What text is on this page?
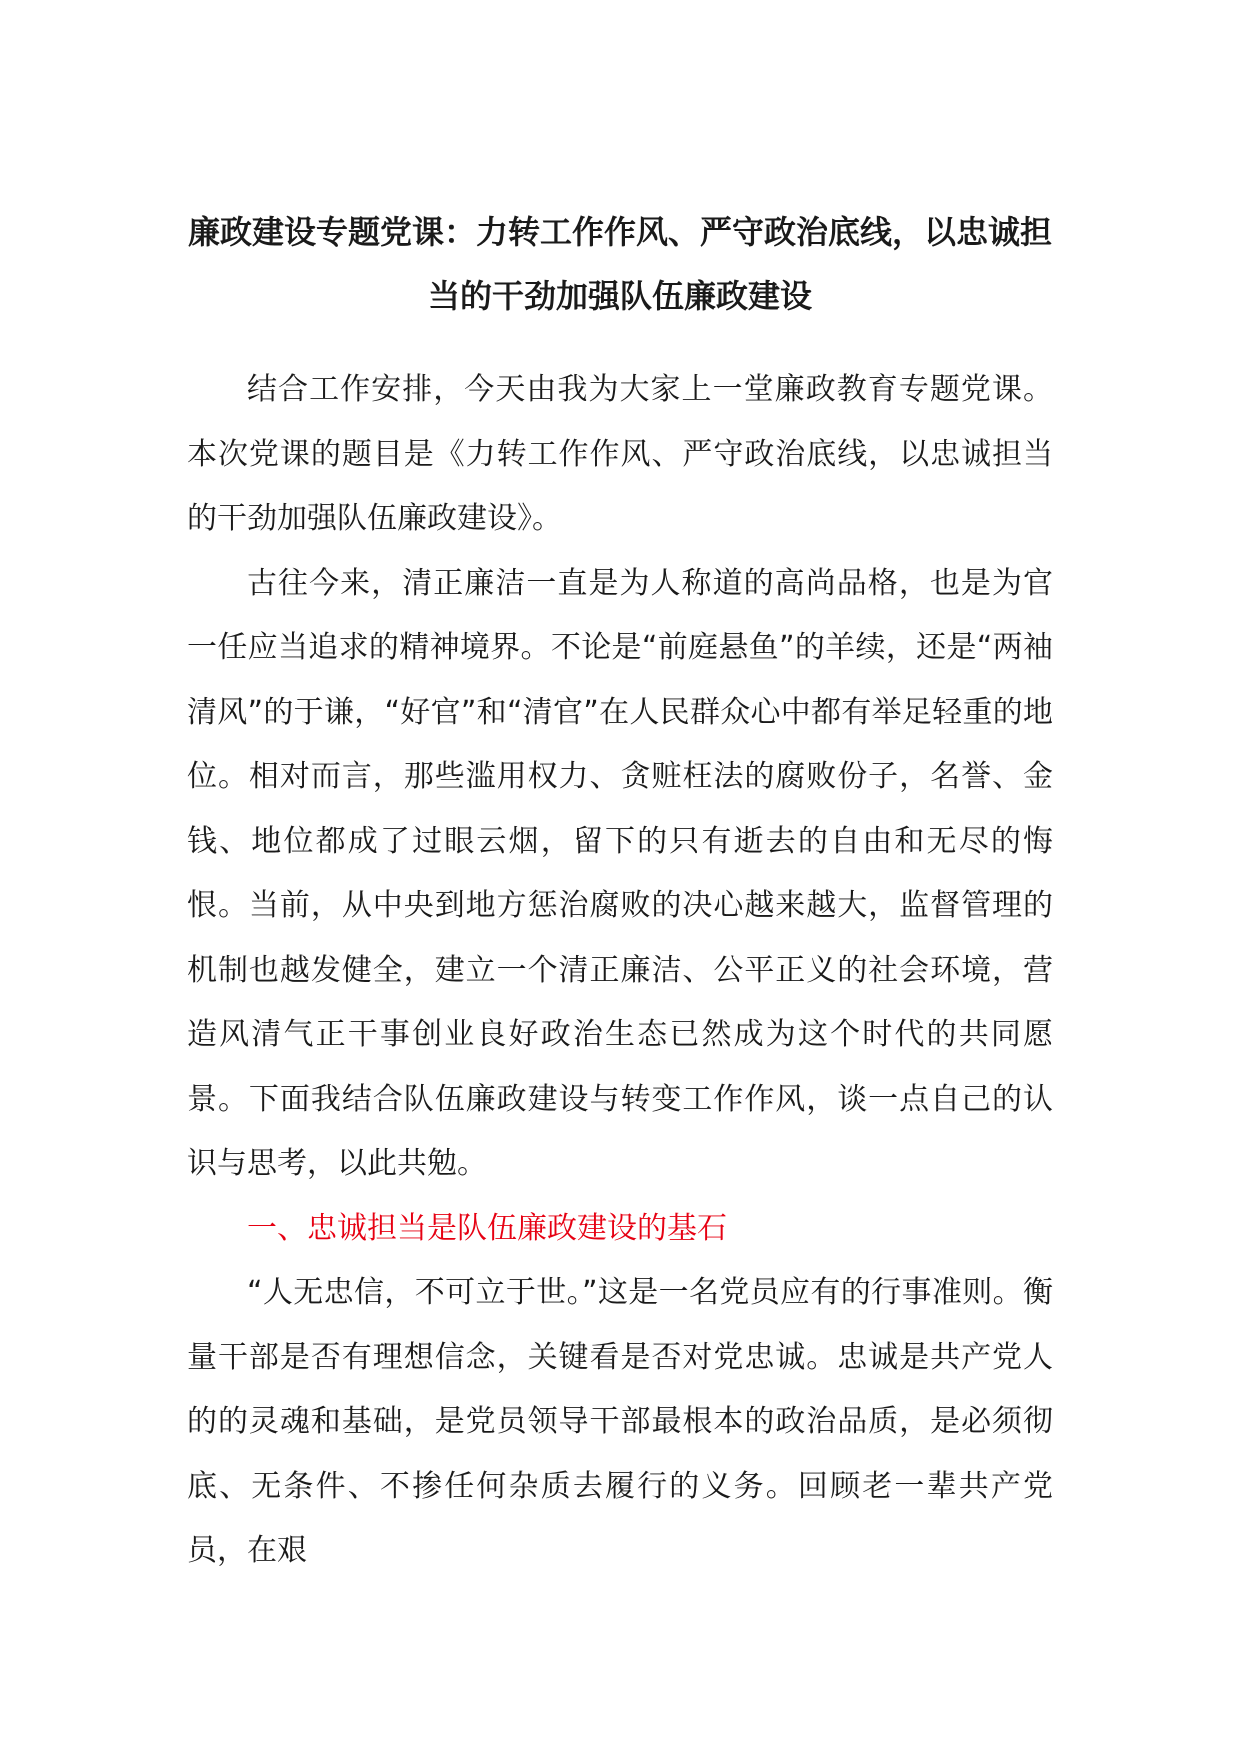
廉政建设专题党课：力转工作作风、严守政治底线，以忠诚担当的干劲加强队伍廉政建设

结合工作安排，今天由我为大家上一堂廉政教育专题党课。本次党课的题目是《力转工作作风、严守政治底线，以忠诚担当的干劲加强队伍廉政建设》。

古往今来，清正廉洁一直是为人称道的高尚品格，也是为官一任应当追求的精神境界。不论是“前庭悬鱼”的羊续，还是“两袖清风”的于谦，“好官”和“清官”在人民群众心中都有举足轻重的地位。相对而言，那些滥用权力、贪赃枉法的腐败份子，名誉、金钱、地位都成了过眼云烟，留下的只有逝去的自由和无尽的悔恨。当前，从中央到地方惩治腐败的决心越来越大，监督管理的机制也越发健全，建立一个清正廉洁、公平正义的社会环境，营造风清气正干事创业良好政治生态已然成为这个时代的共同愿景。下面我结合队伍廉政建设与转变工作作风，谈一点自己的认识与思考，以此共勉。

一、忠诚担当是队伍廉政建设的基石

“人无忠信，不可立于世。”这是一名党员应有的行事准则。衡量干部是否有理想信念，关键看是否对党忠诚。忠诚是共产党人的的灵魂和基础，是党员领导干部最根本的政治品质，是必须彻底、无条件、不掺任何杂质去履行的义务。回顾老一辈共产党员，在艰
